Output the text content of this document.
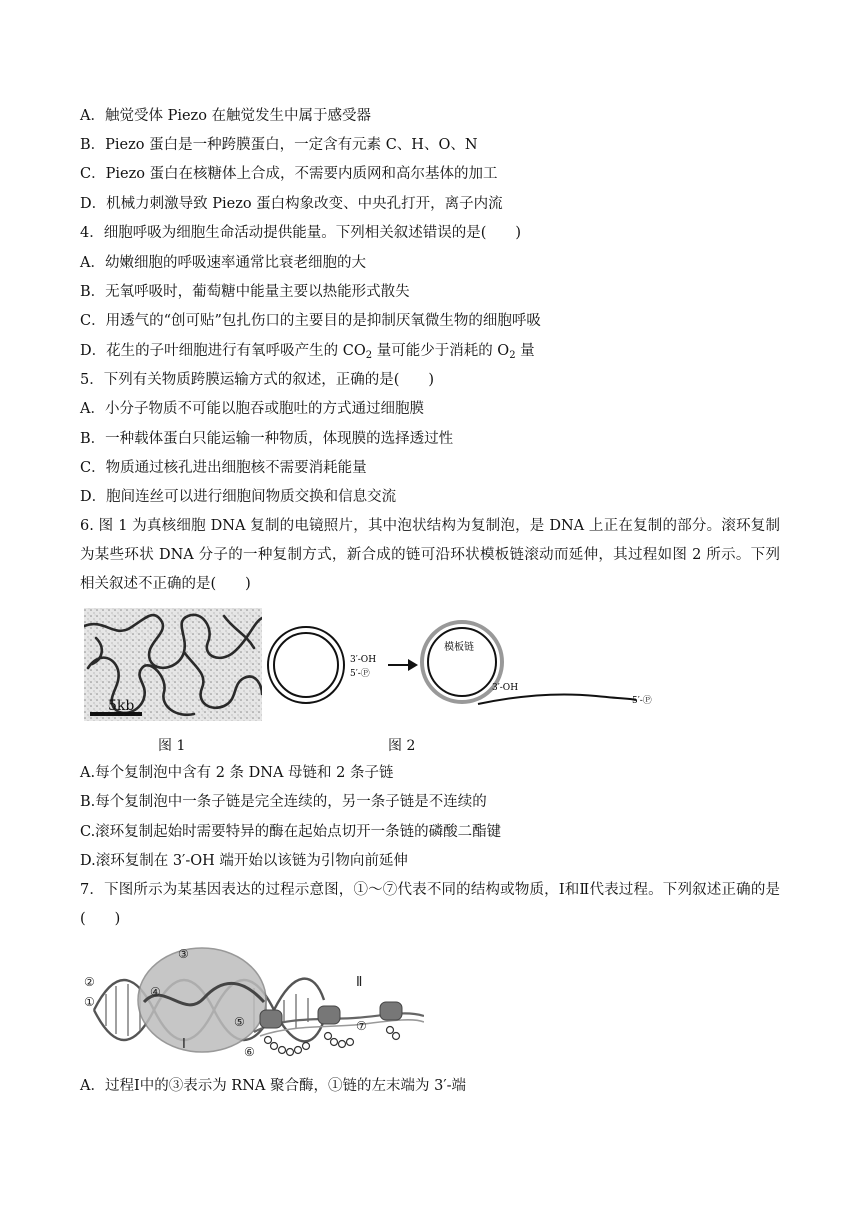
A．触觉受体 Piezo 在触觉发生中属于感受器
B．Piezo 蛋白是一种跨膜蛋白，一定含有元素 C、H、O、N
C．Piezo 蛋白在核糖体上合成，不需要内质网和高尔基体的加工
D．机械力刺激导致 Piezo 蛋白构象改变、中央孔打开，离子内流
4．细胞呼吸为细胞生命活动提供能量。下列相关叙述错误的是(　　)
A．幼嫩细胞的呼吸速率通常比衰老细胞的大
B．无氧呼吸时，葡萄糖中能量主要以热能形式散失
C．用透气的“创可贴”包扎伤口的主要目的是抑制厌氧微生物的细胞呼吸
D．花生的子叶细胞进行有氧呼吸产生的 $CO_2$ 量可能少于消耗的 $O_2$ 量
5．下列有关物质跨膜运输方式的叙述，正确的是(　　)
A．小分子物质不可能以胞吞或胞吐的方式通过细胞膜
B．一种载体蛋白只能运输一种物质，体现膜的选择透过性
C．物质通过核孔进出细胞核不需要消耗能量
D．胞间连丝可以进行细胞间物质交换和信息交流
6. 图 1 为真核细胞 DNA 复制的电镜照片，其中泡状结构为复制泡，是 DNA 上正在复制的部分。滚环复制为某些环状 DNA 分子的一种复制方式，新合成的链可沿环状模板链滚动而延伸，其过程如图 2 所示。下列相关叙述不正确的是(　　)
5kb
3′-OH
5′-Ⓟ
模板链
3′-OH
5′-Ⓟ
图 1	图 2
A.每个复制泡中含有 2 条 DNA 母链和 2 条子链
B.每个复制泡中一条子链是完全连续的，另一条子链是不连续的
C.滚环复制起始时需要特异的酶在起始点切开一条链的磷酸二酯键
D.滚环复制在 3′-OH 端开始以该链为引物向前延伸
7．下图所示为某基因表达的过程示意图，①～⑦代表不同的结构或物质，Ⅰ和Ⅱ代表过程。下列叙述正确的是(　　)
②
①
③
④
⑤
⑥
⑦
Ⅰ
Ⅱ
A．过程Ⅰ中的③表示为 RNA 聚合酶，①链的左末端为 3′-端
